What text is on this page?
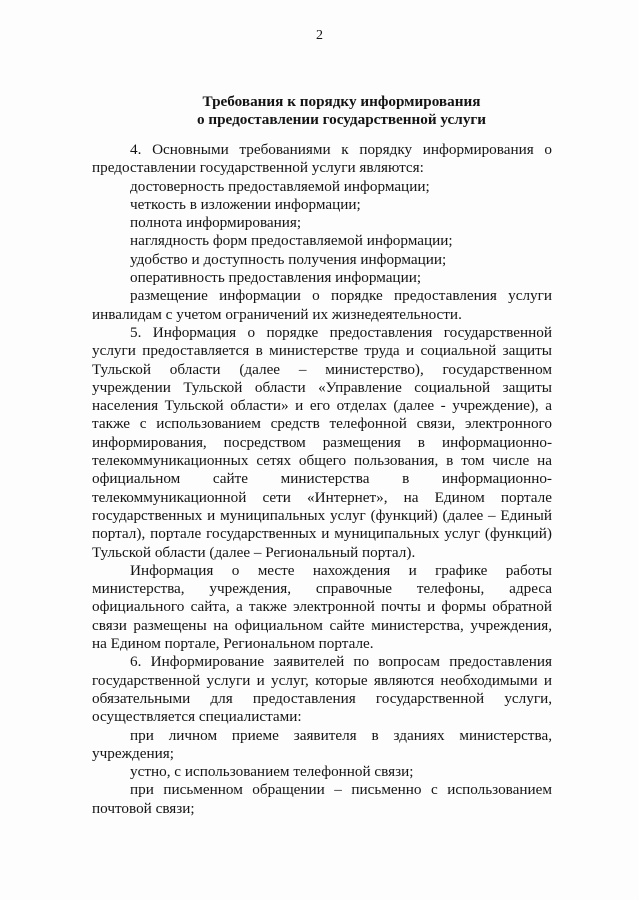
2
Требования к порядку информирования
о предоставлении государственной услуги

4. Основными требованиями к порядку информирования о предоставлении государственной услуги являются:

достоверность предоставляемой информации;

четкость в изложении информации;

полнота информирования;

наглядность форм предоставляемой информации;

удобство и доступность получения информации;

оперативность предоставления информации;

размещение информации о порядке предоставления услуги инвалидам с учетом ограничений их жизнедеятельности.

5. Информация о порядке предоставления государственной услуги предоставляется в министерстве труда и социальной защиты Тульской области (далее – министерство), государственном учреждении Тульской области «Управление социальной защиты населения Тульской области» и его отделах (далее - учреждение), а также с использованием средств телефонной связи, электронного информирования, посредством размещения в информационно-телекоммуникационных сетях общего пользования, в том числе на официальном сайте министерства в информационно-телекоммуникационной сети «Интернет», на Едином портале государственных и муниципальных услуг (функций) (далее – Единый портал), портале государственных и муниципальных услуг (функций) Тульской области (далее – Региональный портал).

Информация о месте нахождения и графике работы министерства, учреждения, справочные телефоны, адреса официального сайта, а также электронной почты и формы обратной связи размещены на официальном сайте министерства, учреждения, на Едином портале, Региональном портале.

6. Информирование заявителей по вопросам предоставления государственной услуги и услуг, которые являются необходимыми и обязательными для предоставления государственной услуги, осуществляется специалистами:

при личном приеме заявителя в зданиях министерства, учреждения;

устно, с использованием телефонной связи;

при письменном обращении – письменно с использованием почтовой связи;
